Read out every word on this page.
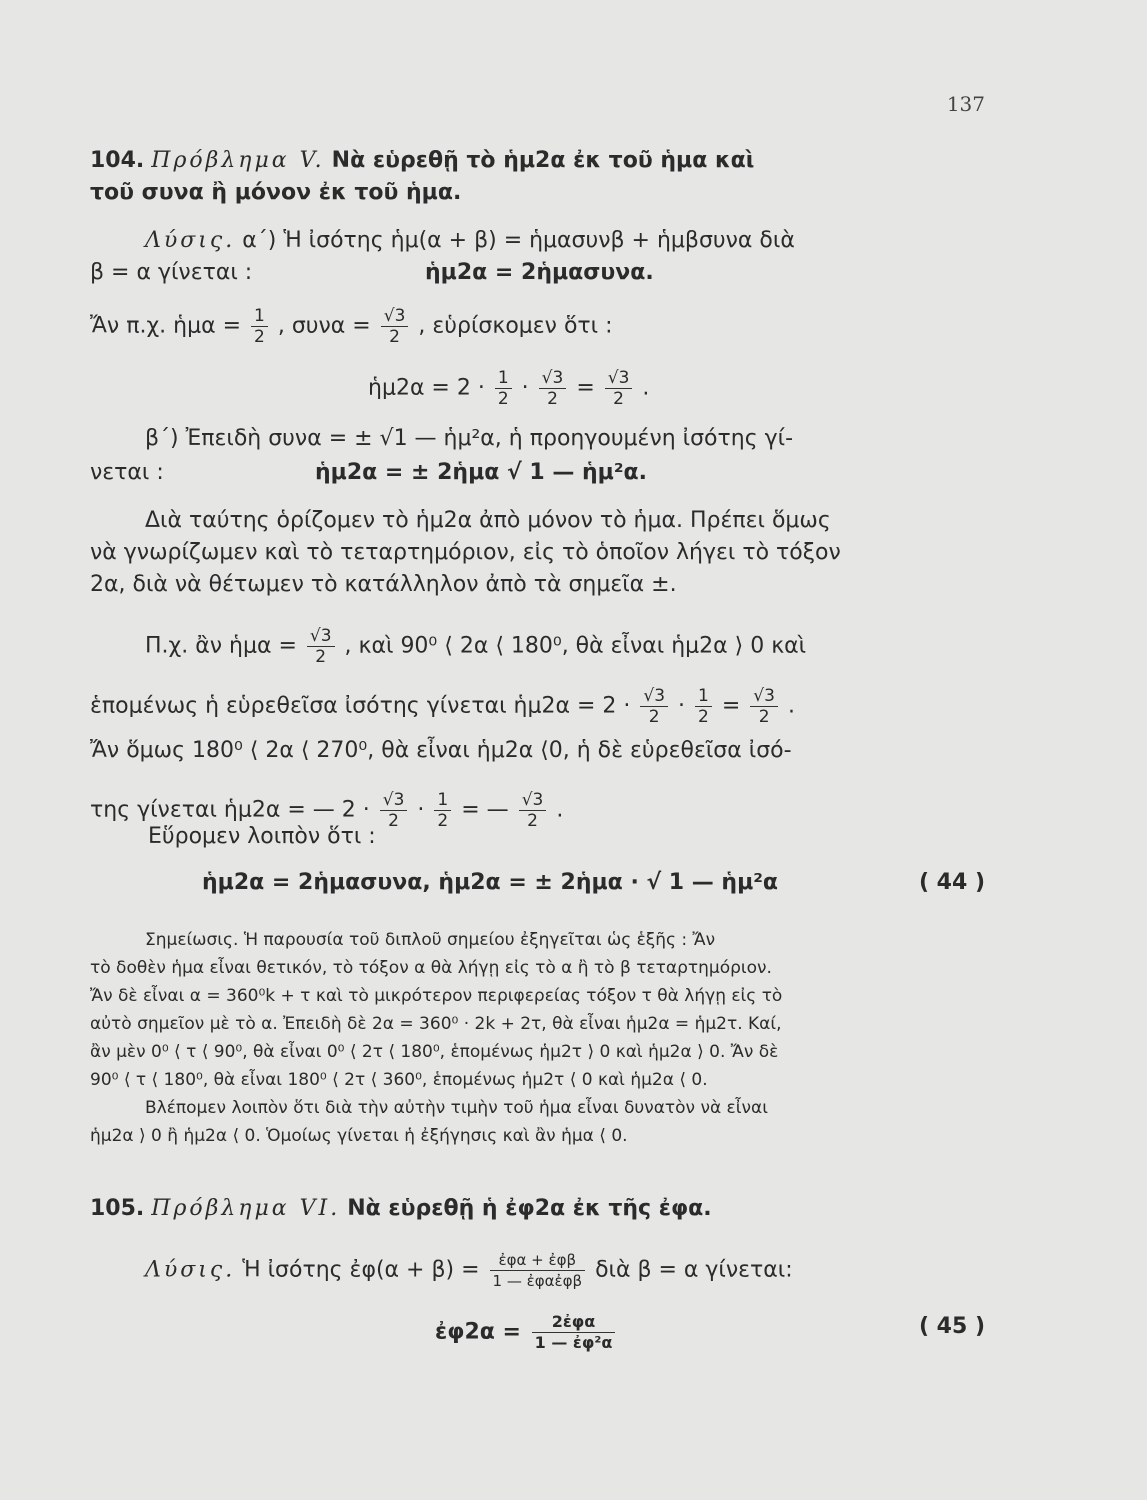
137
104. Πρόβλημα V. Νὰ εὑρεθῇ τὸ ἡμ2α ἐκ τοῦ ἡμα καὶ
τοῦ συνα ἢ μόνον ἐκ τοῦ ἡμα.
Λύσις. α΄) Ἡ ἰσότης ἡμ(α + β) = ἡμασυνβ + ἡμβσυνα διὰ
β = α γίνεται :	ἡμ2α = 2ἡμασυνα.
Ἄν π.χ. ἡμα = $\frac{1}{2}$ , $\sigma\upsilon\nu\alpha = \frac{√3}{2}$ , εὑρίσκομεν ὅτι :
ἡμ2α = $2 \cdot \frac{1}{2} \cdot \frac{√3}{2} = \frac{√3}{2}$ .
β΄) Ἐπειδὴ συνα = ± √1 — ἡμ²α, ἡ προηγουμένη ἰσότης γί-
νεται :	ἡμ2α = ± 2ἡμα √ 1 — ἡμ²α.
Διὰ ταύτης ὁρίζομεν τὸ ἡμ2α ἀπὸ μόνον τὸ ἡμα. Πρέπει ὅμως
νὰ γνωρίζωμεν καὶ τὸ τεταρτημόριον, εἰς τὸ ὁποῖον λήγει τὸ τόξον
2α, διὰ νὰ θέτωμεν τὸ κατάλληλον ἀπὸ τὰ σημεῖα ±.
Π.χ. ἂν ἡμα = $\frac{√3}{2}$ , καὶ 90⁰ ⟨ 2α ⟨ 180⁰, θὰ εἶναι ἡμ2α ⟩ 0 καὶ
ἑπομένως ἡ εὑρεθεῖσα ἰσότης γίνεται ἡμ2α = $2 \cdot \frac{√3}{2} \cdot \frac{1}{2} = \frac{√3}{2}$ .
Ἄν ὅμως 180⁰ ⟨ 2α ⟨ 270⁰, θὰ εἶναι ἡμ2α ⟨0, ἡ δὲ εὑρεθεῖσα ἰσό-
της γίνεται ἡμ2α = — $2 \cdot \frac{√3}{2} \cdot \frac{1}{2}$ = — $\frac{√3}{2}$ .
Εὕρομεν λοιπὸν ὅτι :
ἡμ2α = 2ἡμασυνα, ἡμ2α = ± 2ἡμα · √ 1 — ἡμ²α	( 44 )
Σημείωσις. Ἡ παρουσία τοῦ διπλοῦ σημείου ἐξηγεῖται ὡς ἑξῆς : Ἄν
τὸ δοθὲν ἡμα εἶναι θετικόν, τὸ τόξον α θὰ λήγῃ εἰς τὸ α ἢ τὸ β τεταρτημόριον.
Ἄν δὲ εἶναι α = 360⁰k + τ καὶ τὸ μικρότερον περιφερείας τόξον τ θὰ λήγῃ εἰς τὸ
αὐτὸ σημεῖον μὲ τὸ α. Ἐπειδὴ δὲ 2α = 360⁰ · 2k + 2τ, θὰ εἶναι ἡμ2α = ἡμ2τ. Καί,
ἂν μὲν 0⁰ ⟨ τ ⟨ 90⁰, θὰ εἶναι 0⁰ ⟨ 2τ ⟨ 180⁰, ἑπομένως ἡμ2τ ⟩ 0 καὶ ἡμ2α ⟩ 0. Ἄν δὲ
90⁰ ⟨ τ ⟨ 180⁰, θὰ εἶναι 180⁰ ⟨ 2τ ⟨ 360⁰, ἑπομένως ἡμ2τ ⟨ 0 καὶ ἡμ2α ⟨ 0.
Βλέπομεν λοιπὸν ὅτι διὰ τὴν αὐτὴν τιμὴν τοῦ ἡμα εἶναι δυνατὸν νὰ εἶναι
ἡμ2α ⟩ 0 ἢ ἡμ2α ⟨ 0. Ὁμοίως γίνεται ἡ ἐξήγησις καὶ ἂν ἡμα ⟨ 0.
105. Πρόβλημα VI. Νὰ εὑρεθῇ ἡ ἐφ2α ἐκ τῆς ἐφα.
Λύσις. Ἡ ἰσότης ἐφ(α + $\beta) = \frac{\text{ἐφα + ἐφβ}}{\text{1 — ἐφαἐφβ}}$ διὰ β = α γίνεται:
ἐφ2α = $\frac{\text{2ἐφα}}{\text{1 — ἐφ²α}}$	( 45 )
